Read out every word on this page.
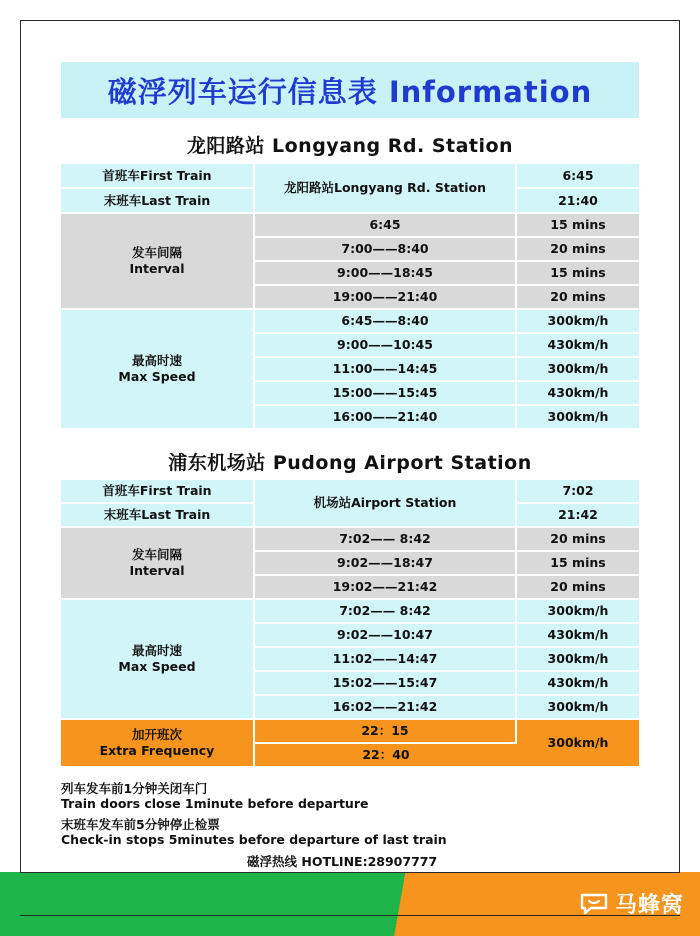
磁浮列车运行信息表 Information
龙阳路站 Longyang Rd. Station
首班车First Train	龙阳路站Longyang Rd. Station	6:45
末班车Last Train		21:40

发车间隔
Interval	6:45	15 mins
	7:00——8:40	20 mins
	9:00——18:45	15 mins
	19:00——21:40	20 mins

最高时速
Max Speed	6:45——8:40	300km/h
	9:00——10:45	430km/h
	11:00——14:45	300km/h
	15:00——15:45	430km/h
	16:00——21:40	300km/h
浦东机场站 Pudong Airport Station
首班车First Train	机场站Airport Station	7:02
末班车Last Train		21:42

发车间隔
Interval	7:02—— 8:42	20 mins
	9:02——18:47	15 mins
	19:02——21:42	20 mins

最高时速
Max Speed	7:02—— 8:42	300km/h
	9:02——10:47	430km/h
	11:02——14:47	300km/h
	15:02——15:47	430km/h
	16:02——21:42	300km/h

加开班次
Extra Frequency	22：15	300km/h
	22：40	
列车发车前1分钟关闭车门
Train doors close 1minute before departure
末班车发车前5分钟停止检票
Check-in stops 5minutes before departure of last train
磁浮热线 HOTLINE:28907777
马蜂窝
